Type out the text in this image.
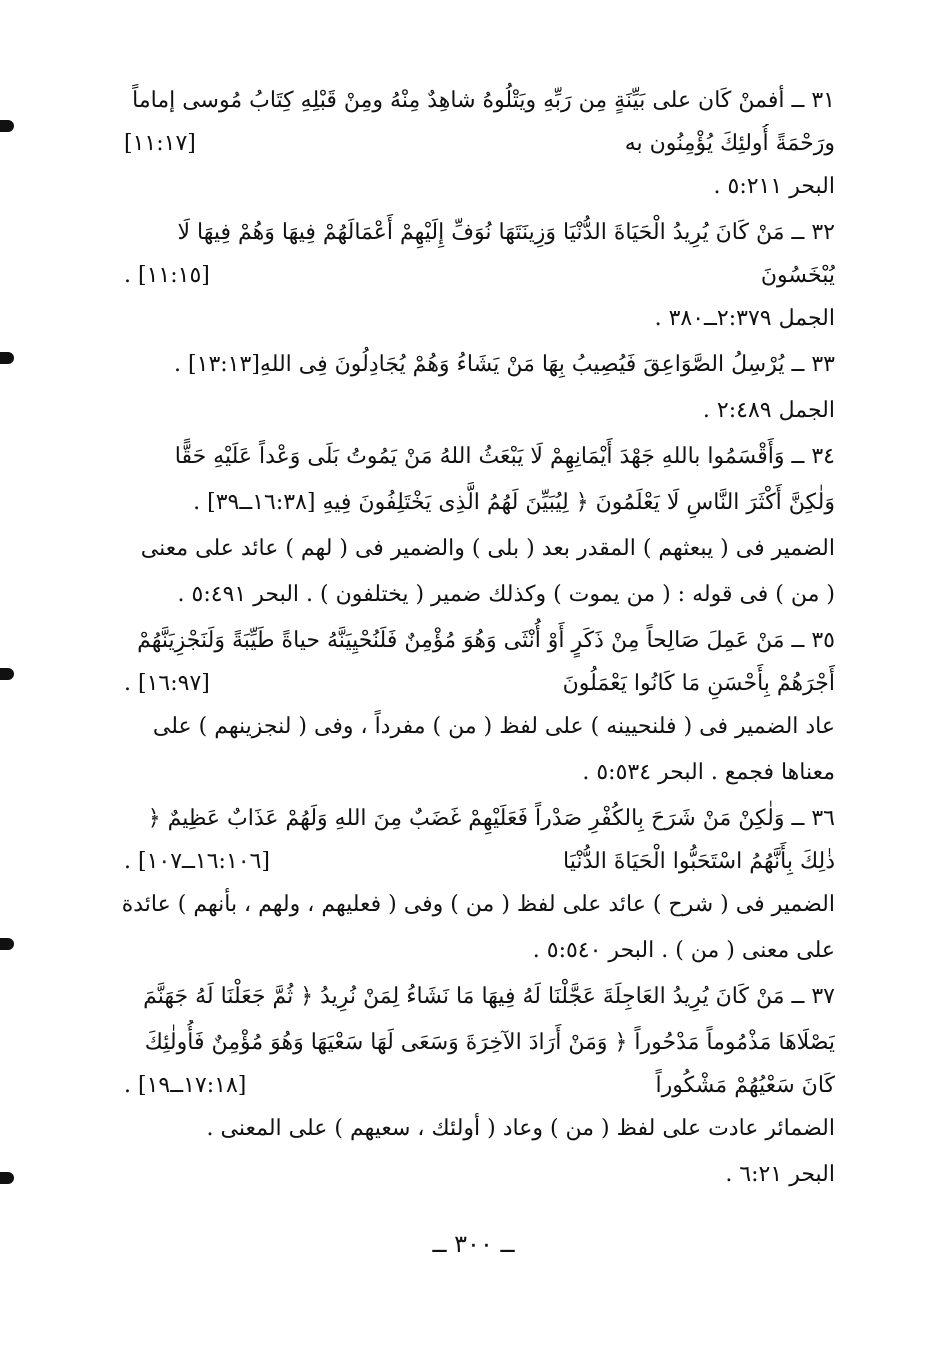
٣١ ــ أفمنْ كَان على بَيِّنَةٍ مِن رَبِّهِ ويَتْلُوهُ شاهِدٌ مِنْهُ ومِنْ قَبْلِهِ كِتَابُ مُوسى إماماً
ورَحْمَةً أُولئِكَ يُؤْمِنُون به
[١١:١٧]
البحر ٥:٢١١ .
٣٢ ــ مَنْ كَانَ يُرِيدُ الْحَيَاةَ الدُّنْيَا وَزِينَتَهَا نُوَفِّ إِلَيْهِمْ أَعْمَالَهُمْ فِيهَا وَهُمْ فِيهَا لَا
يُبْخَسُونَ
[١١:١٥] .
الجمل ٢:٣٧٩ــ٣٨٠ .
٣٣ ــ يُرْسِلُ الصَّوَاعِقَ فَيُصِيبُ بِهَا مَنْ يَشَاءُ وَهُمْ يُجَادِلُونَ فِى اللهِ[١٣:١٣] .
الجمل ٢:٤٨٩ .
٣٤ ــ وَأَقْسَمُوا باللهِ جَهْدَ أَيْمَانِهِمْ لَا يَبْعَثُ اللهُ مَنْ يَمُوتُ بَلَى وَعْداً عَلَيْهِ حَقًّا
وَلٰكِنَّ أَكْثَرَ النَّاسِ لَا يَعْلَمُونَ ﴿ لِيُبَيِّنَ لَهُمُ الَّذِى يَخْتَلِفُونَ فِيهِ [١٦:٣٨ــ٣٩] .
الضمير فى ( يبعثهم ) المقدر بعد ( بلى ) والضمير فى ( لهم ) عائد على معنى
( من ) فى قوله : ( من يموت ) وكذلك ضمير ( يختلفون ) . البحر ٥:٤٩١ .
٣٥ ــ مَنْ عَمِلَ صَالِحاً مِنْ ذَكَرٍ أَوْ أُنْثَى وَهُوَ مُؤْمِنٌ فَلَنُحْيِيَنَّهُ حياةً طَيِّبَةً وَلَنَجْزِيَنَّهُمْ
أَجْرَهُمْ بِأَحْسَنِ مَا كَانُوا يَعْمَلُونَ
[١٦:٩٧] .
عاد الضمير فى ( فلنحيينه ) على لفظ ( من ) مفرداً ، وفى ( لنجزينهم ) على
معناها فجمع . البحر ٥:٥٣٤ .
٣٦ ــ وَلٰكِنْ مَنْ شَرَحَ بِالكُفْرِ صَدْراً فَعَلَيْهِمْ غَضَبٌ مِنَ اللهِ وَلَهُمْ عَذَابٌ عَظِيمٌ ﴿
ذٰلِكَ بِأَنَّهُمُ اسْتَحَبُّوا الْحَيَاةَ الدُّنْيَا
[١٦:١٠٦ــ١٠٧] .
الضمير فى ( شرح ) عائد على لفظ ( من ) وفى ( فعليهم ، ولهم ، بأنهم ) عائدة
على معنى ( من ) . البحر ٥:٥٤٠ .
٣٧ ــ مَنْ كَانَ يُرِيدُ العَاجِلَةَ عَجَّلْنَا لَهُ فِيهَا مَا نَشَاءُ لِمَنْ نُرِيدُ ﴿ ثُمَّ جَعَلْنَا لَهُ جَهَنَّمَ
يَصْلَاهَا مَذْمُوماً مَدْحُوراً ﴿ وَمَنْ أَرَادَ الآخِرَةَ وَسَعَى لَهَا سَعْيَهَا وَهُوَ مُؤْمِنٌ فَأُولٰئِكَ
كَانَ سَعْيُهُمْ مَشْكُوراً
[١٧:١٨ــ١٩] .
الضمائر عادت على لفظ ( من ) وعاد ( أولئك ، سعيهم ) على المعنى .
البحر ٦:٢١ .
ــ ٣٠٠ ــ
